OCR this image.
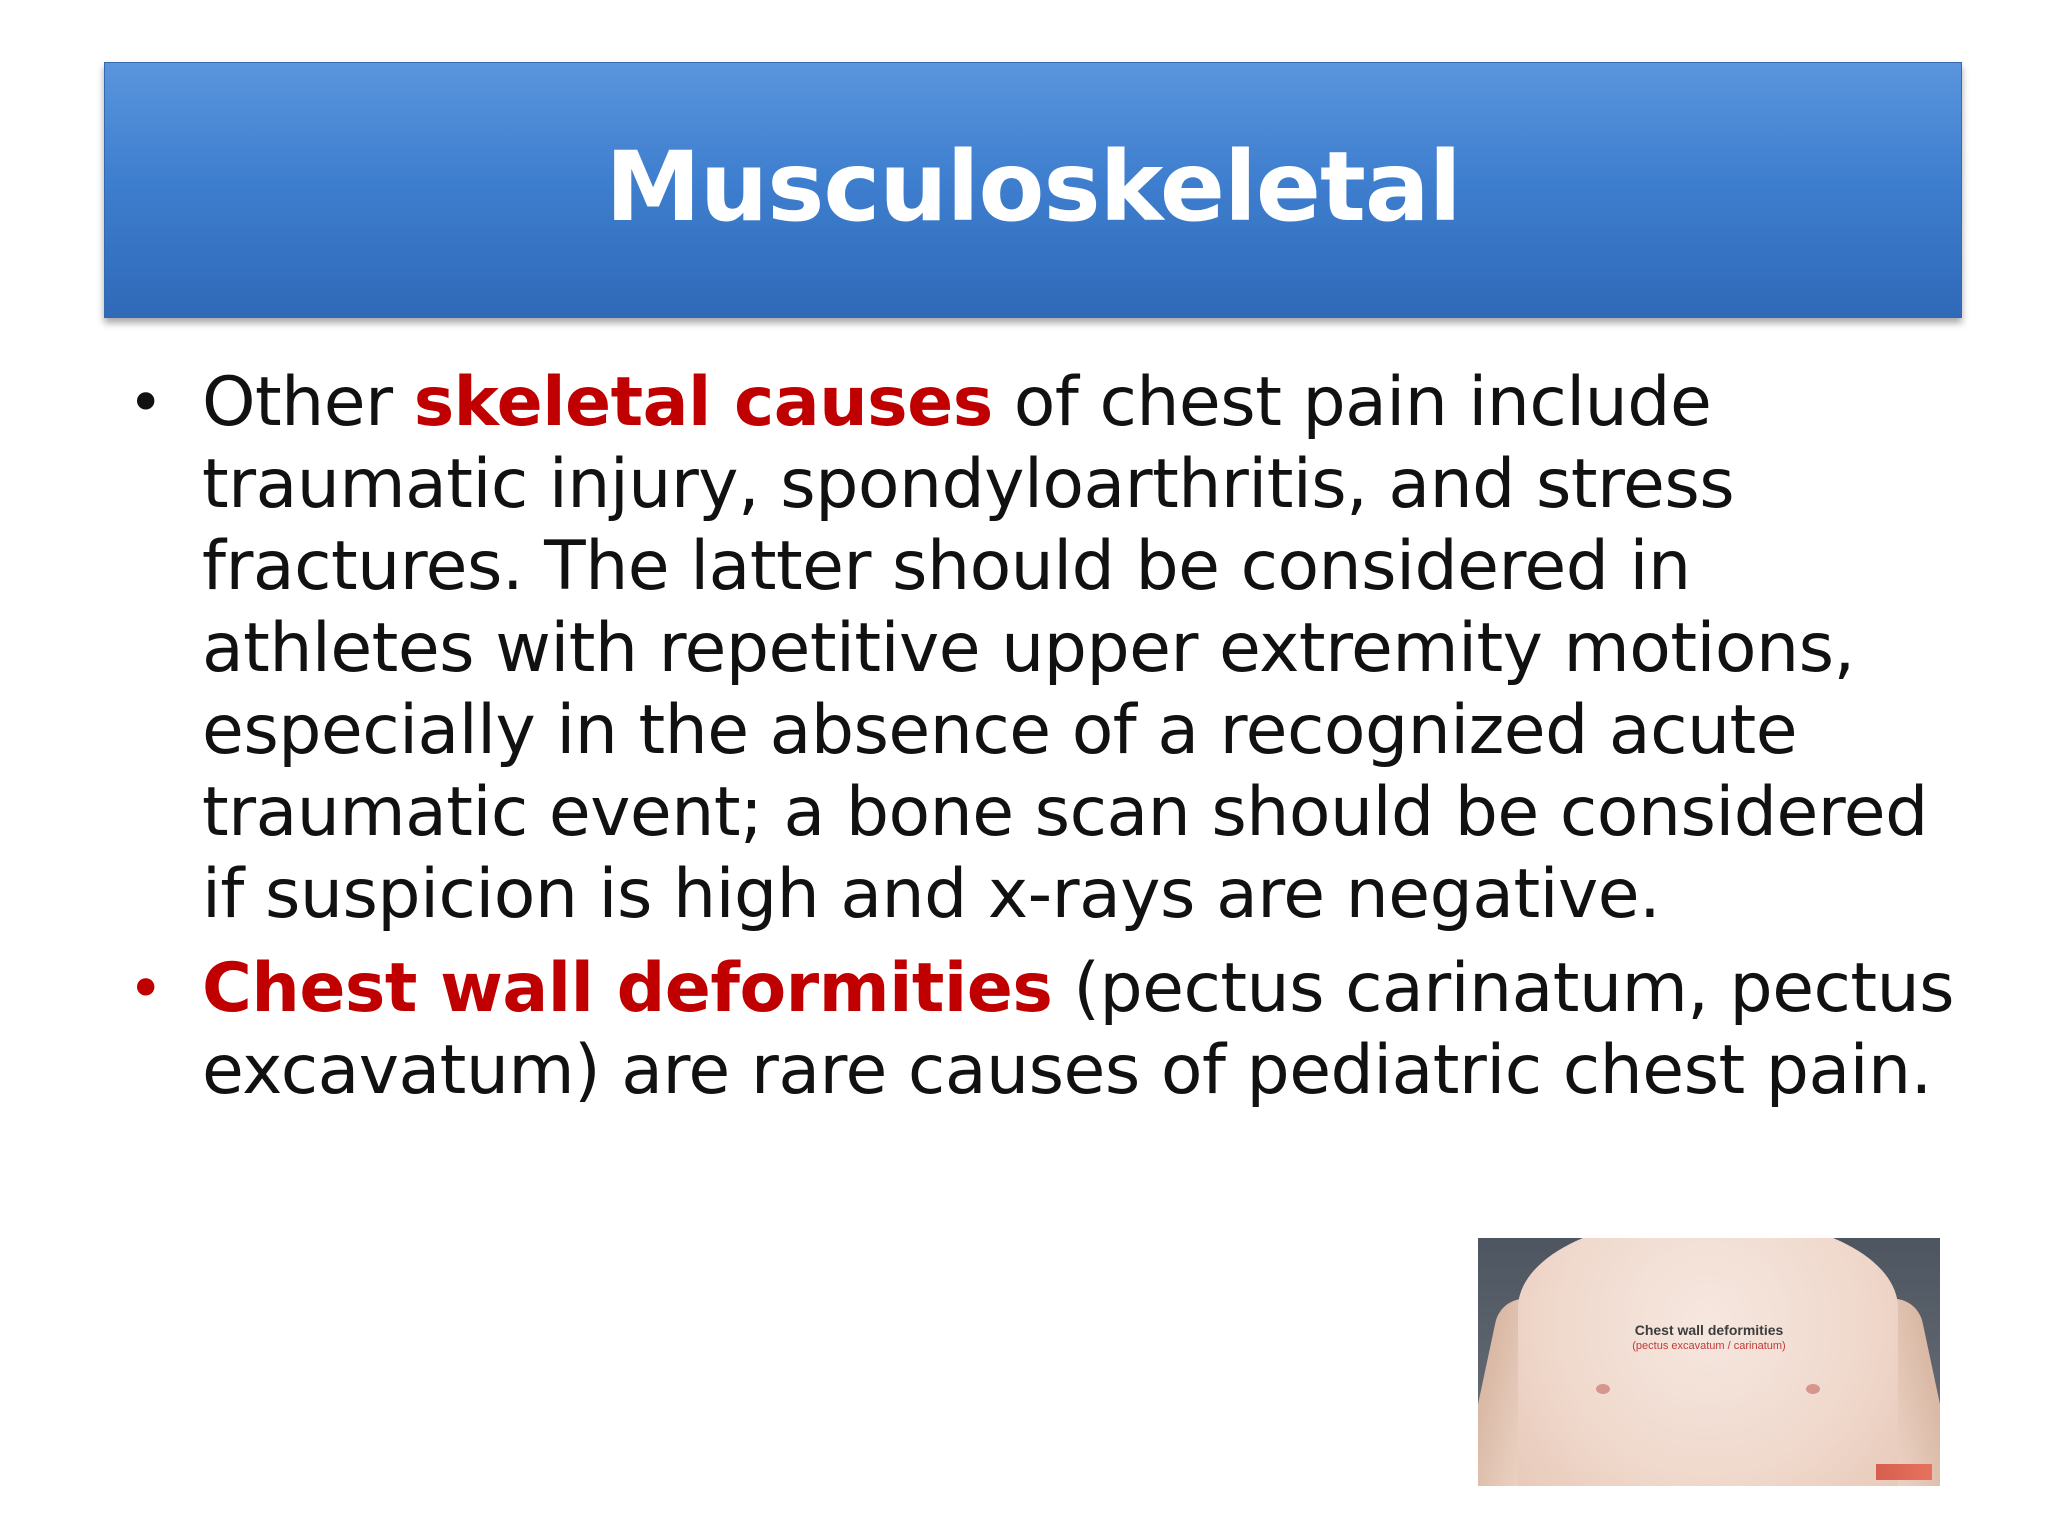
Musculoskeletal
• Other skeletal causes of chest pain include traumatic injury, spondyloarthritis, and stress fractures. The latter should be considered in athletes with repetitive upper extremity motions, especially in the absence of a recognized acute traumatic event; a bone scan should be considered if suspicion is high and x-rays are negative.
• Chest wall deformities (pectus carinatum, pectus excavatum) are rare causes of pediatric chest pain.
Chest wall deformities
(pectus excavatum / carinatum)
